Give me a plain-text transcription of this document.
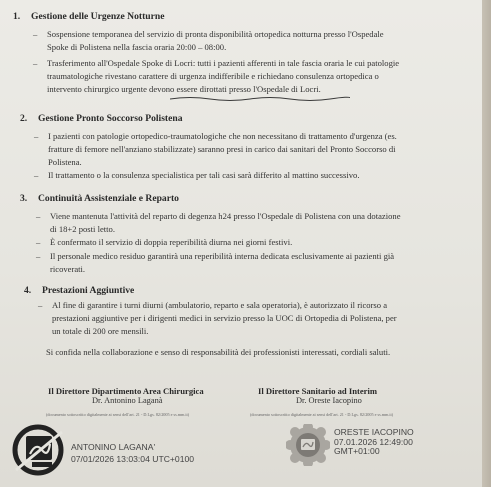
1. Gestione delle Urgenze Notturne
– Sospensione temporanea del servizio di pronta disponibilità ortopedica notturna presso l'Ospedale
Spoke di Polistena nella fascia oraria 20:00 – 08:00.
– Trasferimento all'Ospedale Spoke di Locri: tutti i pazienti afferenti in tale fascia oraria le cui patologie
traumatologiche rivestano carattere di urgenza indifferibile e richiedano consulenza ortopedica o
intervento chirurgico urgente devono essere dirottati presso l'Ospedale di Locri.
2. Gestione Pronto Soccorso Polistena
– I pazienti con patologie ortopedico-traumatologiche che non necessitano di trattamento d'urgenza (es.
fratture di femore nell'anziano stabilizzate) saranno presi in carico dai sanitari del Pronto Soccorso di
Polistena.
– Il trattamento o la consulenza specialistica per tali casi sarà differito al mattino successivo.
3. Continuità Assistenziale e Reparto
– Viene mantenuta l'attività del reparto di degenza h24 presso l'Ospedale di Polistena con una dotazione
di 18+2 posti letto.
– È confermato il servizio di doppia reperibilità diurna nei giorni festivi.
– Il personale medico residuo garantirà una reperibilità interna dedicata esclusivamente ai pazienti già
ricoverati.
4. Prestazioni Aggiuntive
– Al fine di garantire i turni diurni (ambulatorio, reparto e sala operatoria), è autorizzato il ricorso a
prestazioni aggiuntive per i dirigenti medici in servizio presso la UOC di Ortopedia di Polistena, per
un totale di 200 ore mensili.
Si confida nella collaborazione e senso di responsabilità dei professionisti interessati, cordiali saluti.
Il Direttore Dipartimento Area Chirurgica
Dr. Antonino Laganà
(documento sottoscritto digitalmente ai sensi dell'art. 21 - D.Lgs. 82/2005 e ss.mm.ii)
Il Direttore Sanitario ad Interim
Dr. Oreste Iacopino
(documento sottoscritto digitalmente ai sensi dell'art. 21 - D.Lgs. 82/2005 e ss.mm.ii)
ANTONINO LAGANA'
07/01/2026 13:03:04 UTC+0100
ORESTE IACOPINO
07.01.2026 12:49:00
GMT+01:00
